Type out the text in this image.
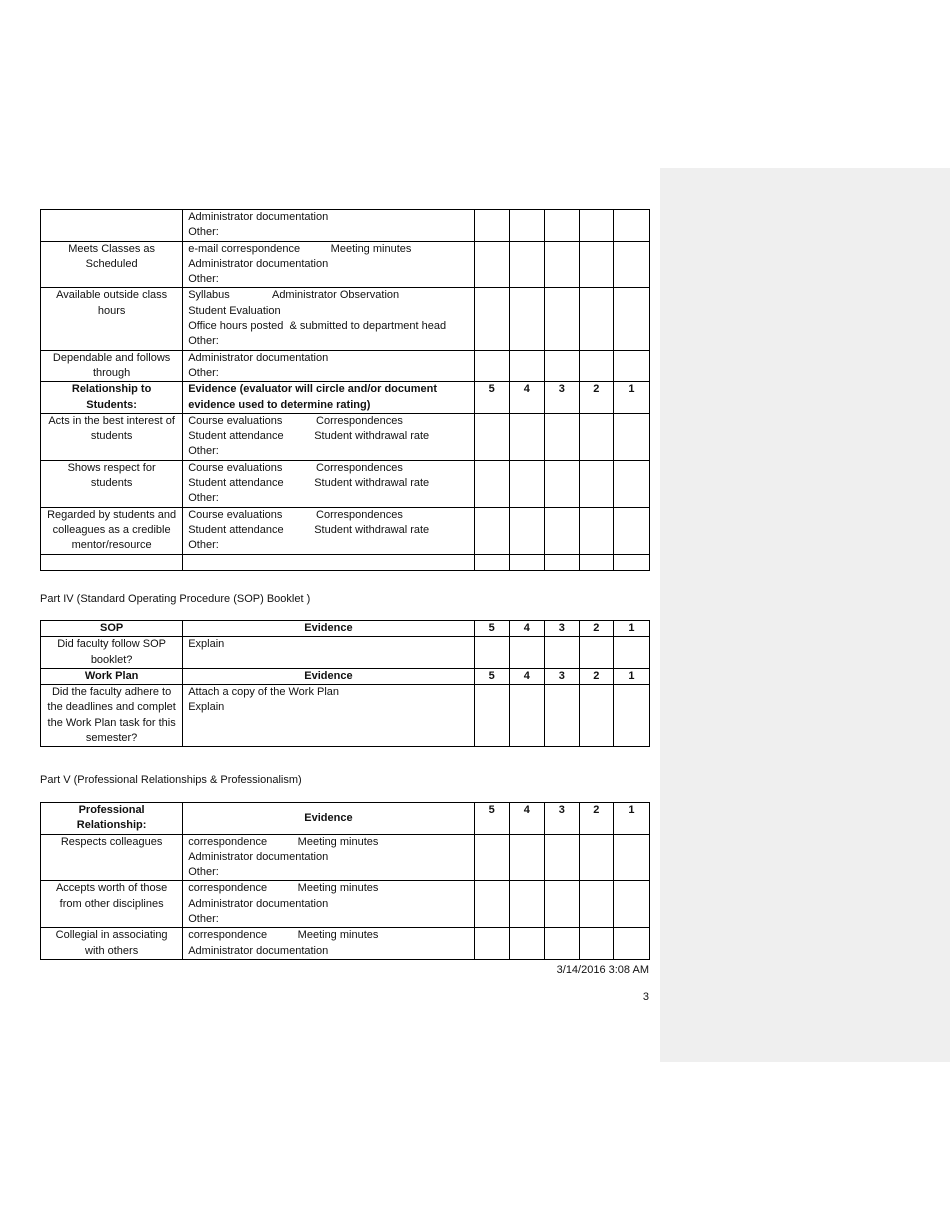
	Administrator documentation
Other:					

Meets Classes as Scheduled	e-mail correspondence          Meeting minutes
Administrator documentation
Other:					

Available outside class hours	Syllabus              Administrator Observation
Student Evaluation
Office hours posted  & submitted to department head
Other:					

Dependable and follows through	Administrator documentation
Other:					

Relationship to Students:	Evidence (evaluator will circle and/or document
evidence used to determine rating)	5	4	3	2	1
Acts in the best interest of students	Course evaluations           Correspondences
Student attendance          Student withdrawal rate
Other:					

Shows respect for students	Course evaluations           Correspondences
Student attendance          Student withdrawal rate
Other:					

Regarded by students and colleagues as a credible mentor/resource	Course evaluations           Correspondences
Student attendance          Student withdrawal rate
Other:					

Part IV (Standard Operating Procedure (SOP) Booklet )
SOP	Evidence	5	4	3	2	1
Did faculty follow SOP booklet?	Explain					

Work Plan	Evidence	5	4	3	2	1
Did the faculty adhere to the deadlines and complet the Work Plan task for this semester?	Attach a copy of the Work Plan
Explain					

Part V (Professional Relationships & Professionalism)
Professional Relationship:	Evidence	5	4	3	2	1
Respects colleagues	correspondence          Meeting minutes
Administrator documentation
Other:					

Accepts worth of those from other disciplines	correspondence          Meeting minutes
Administrator documentation
Other:					

Collegial in associating with others	correspondence          Meeting minutes
Administrator documentation					

3/14/2016 3:08 AM
3
